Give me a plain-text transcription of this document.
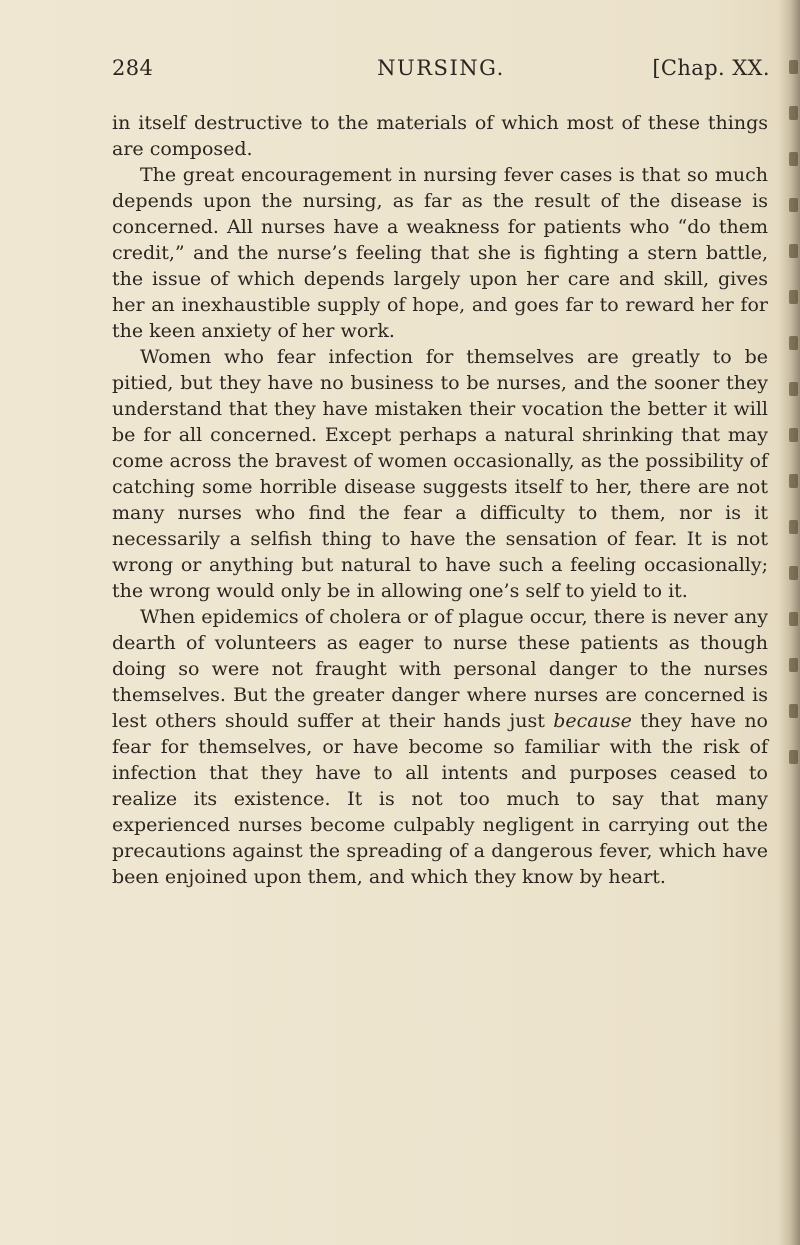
284	NURSING.	[Chap. XX.

in itself destructive to the materials of which most of these things are composed.

The great encouragement in nursing fever cases is that so much depends upon the nursing, as far as the result of the disease is concerned. All nurses have a weakness for patients who “do them credit,” and the nurse’s feeling that she is fighting a stern battle, the issue of which depends largely upon her care and skill, gives her an inexhaustible supply of hope, and goes far to reward her for the keen anxiety of her work.

Women who fear infection for themselves are greatly to be pitied, but they have no business to be nurses, and the sooner they understand that they have mistaken their vocation the better it will be for all concerned. Except perhaps a natural shrinking that may come across the bravest of women occasionally, as the possibility of catching some horrible disease suggests itself to her, there are not many nurses who find the fear a difficulty to them, nor is it necessarily a selfish thing to have the sensation of fear. It is not wrong or anything but natural to have such a feeling occasionally; the wrong would only be in allowing one’s self to yield to it.

When epidemics of cholera or of plague occur, there is never any dearth of volunteers as eager to nurse these patients as though doing so were not fraught with personal danger to the nurses themselves. But the greater danger where nurses are concerned is lest others should suffer at their hands just because they have no fear for themselves, or have become so familiar with the risk of infection that they have to all intents and purposes ceased to realize its existence. It is not too much to say that many experienced nurses become culpably negligent in carrying out the precautions against the spreading of a dangerous fever, which have been enjoined upon them, and which they know by heart.
